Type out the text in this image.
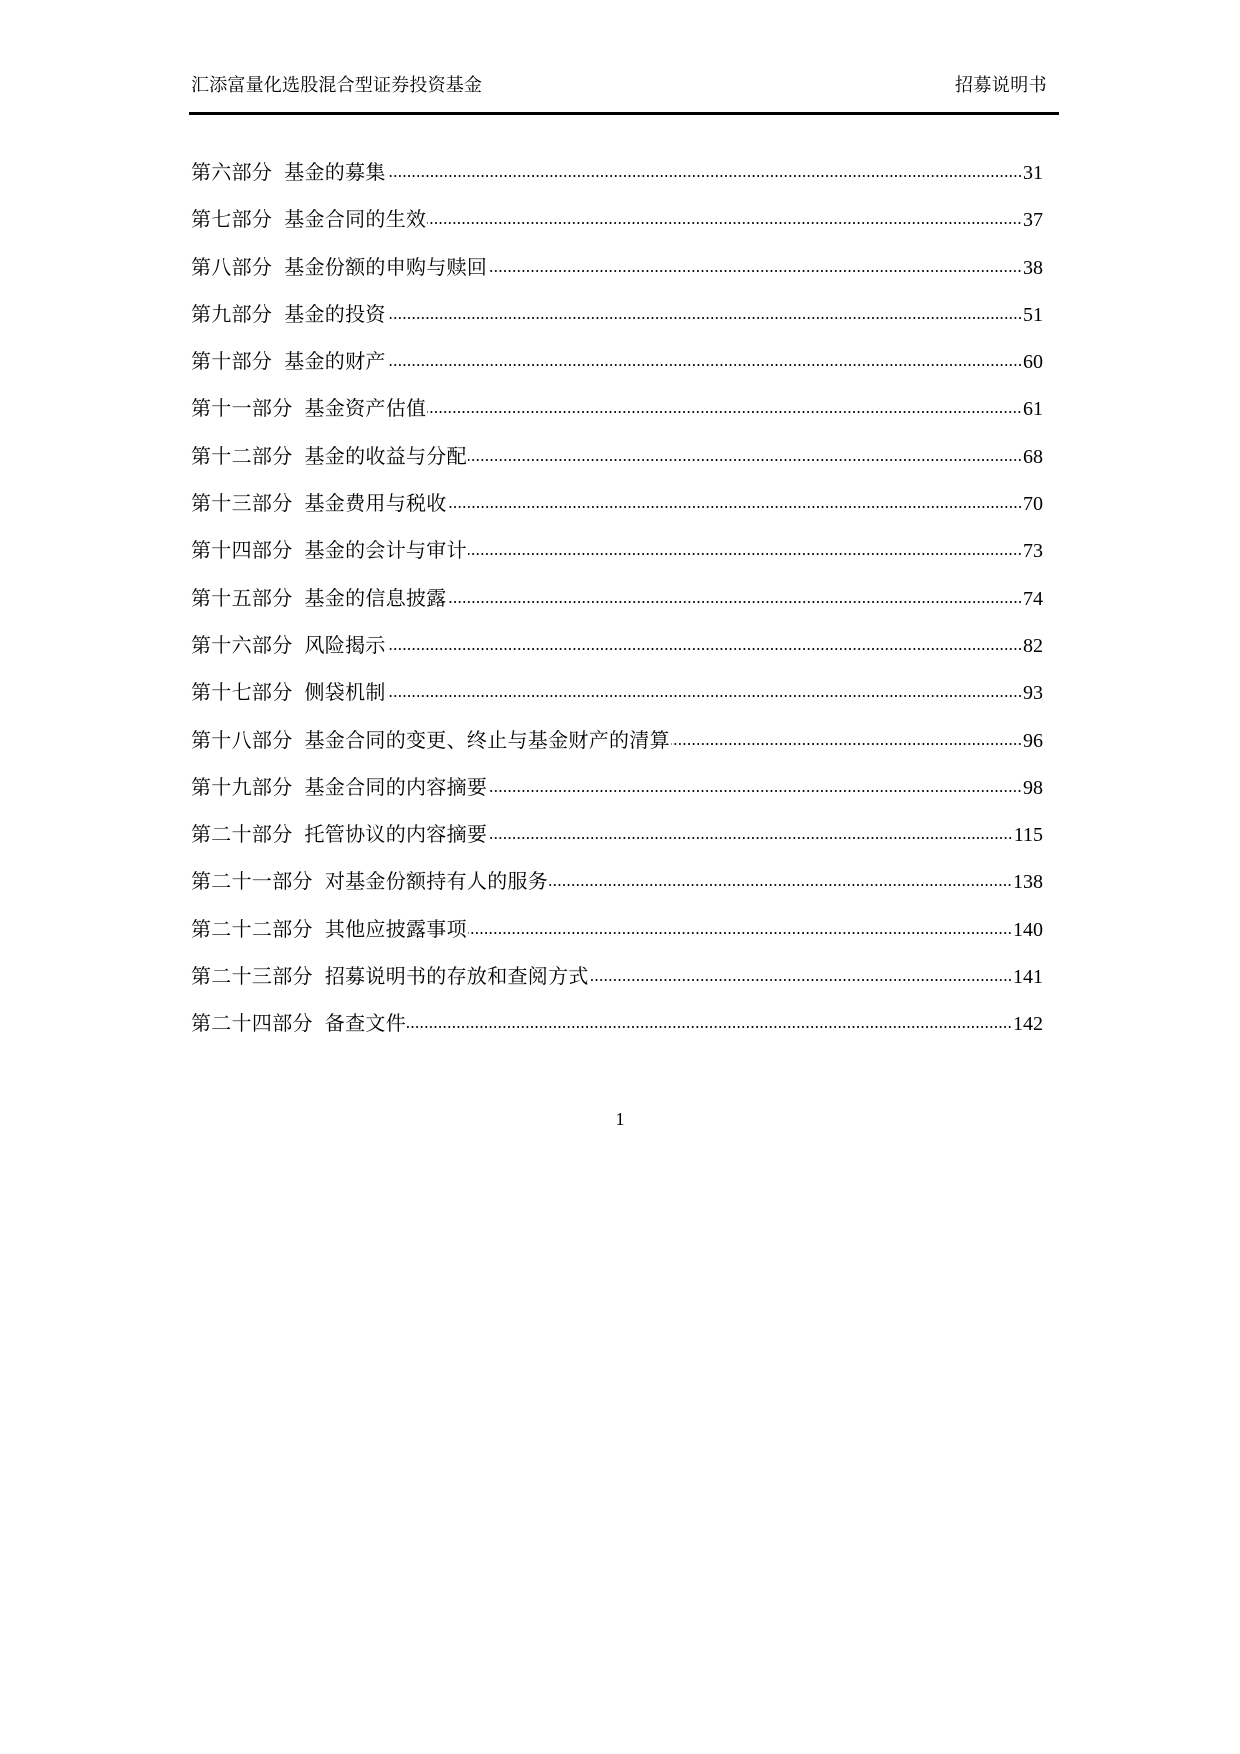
汇添富量化选股混合型证券投资基金	招募说明书
第六部分 基金的募集	31
第七部分 基金合同的生效	37
第八部分 基金份额的申购与赎回	38
第九部分 基金的投资	51
第十部分 基金的财产	60
第十一部分 基金资产估值	61
第十二部分 基金的收益与分配	68
第十三部分 基金费用与税收	70
第十四部分 基金的会计与审计	73
第十五部分 基金的信息披露	74
第十六部分 风险揭示	82
第十七部分 侧袋机制	93
第十八部分 基金合同的变更、终止与基金财产的清算	96
第十九部分 基金合同的内容摘要	98
第二十部分 托管协议的内容摘要	115
第二十一部分 对基金份额持有人的服务	138
第二十二部分 其他应披露事项	140
第二十三部分 招募说明书的存放和查阅方式	141
第二十四部分 备查文件	142
1
